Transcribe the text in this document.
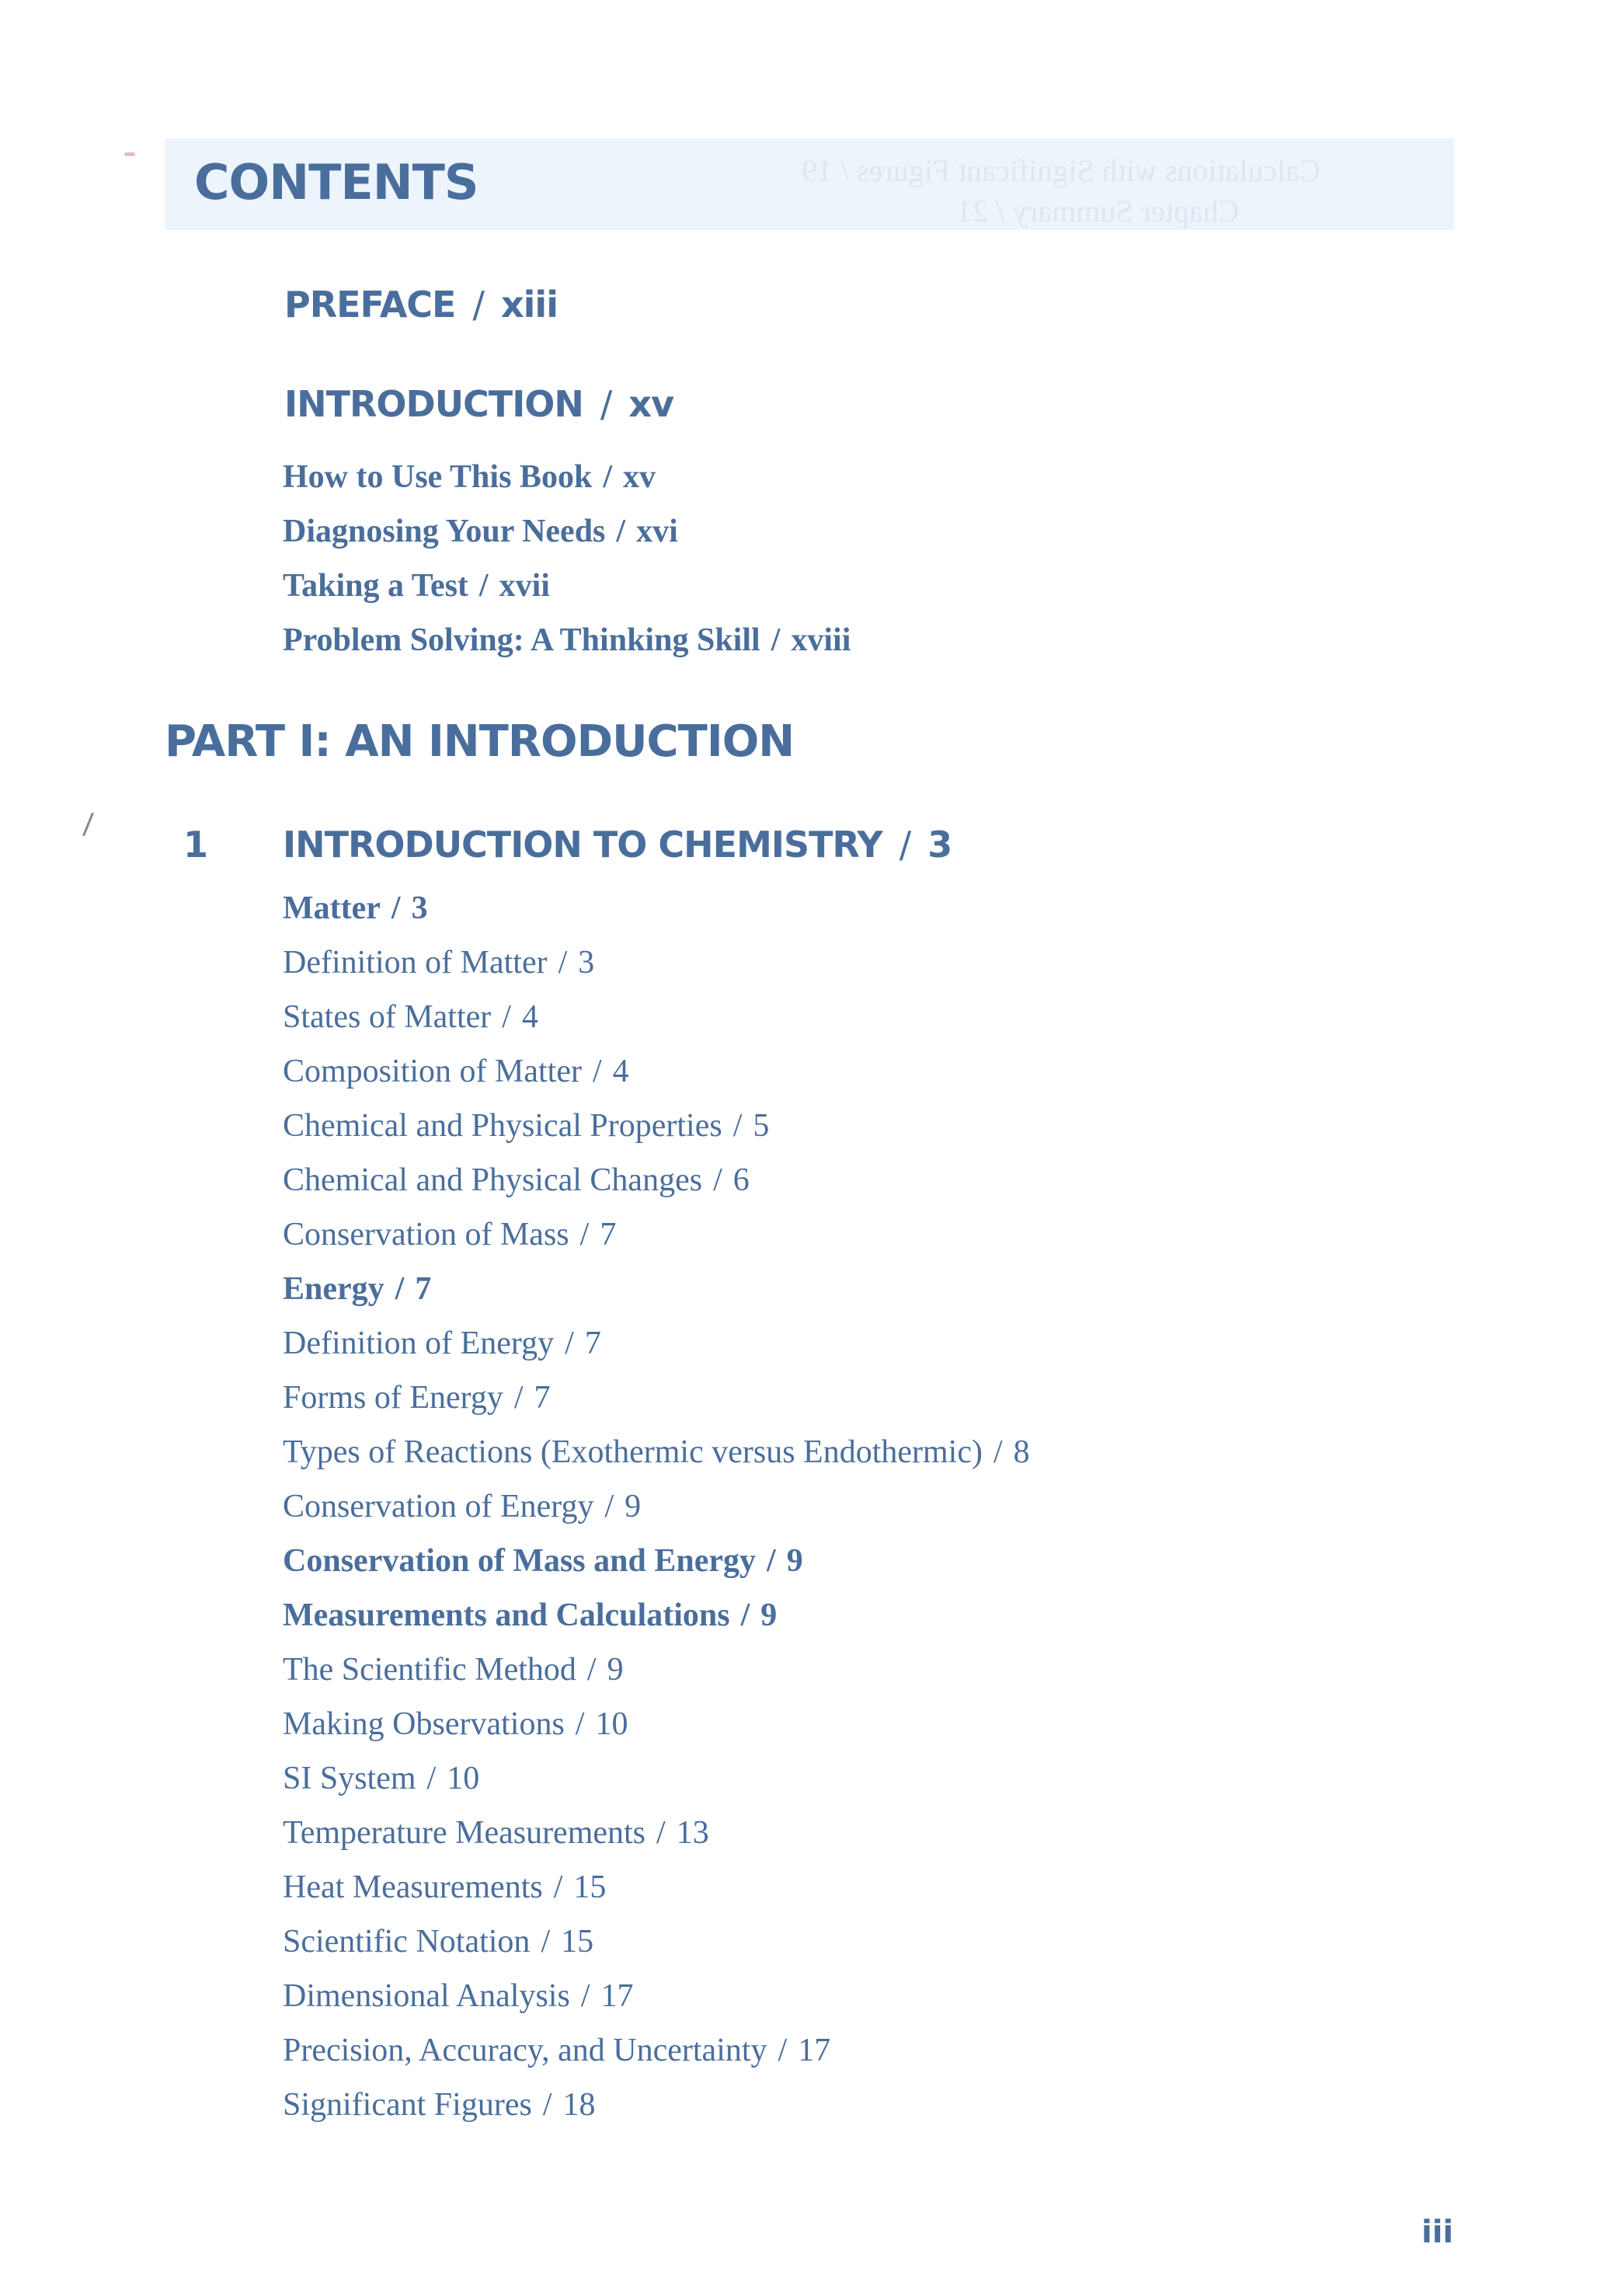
Calculations with Significant Figures / 19
Chapter Summary / 21
CONTENTS
PREFACE / xiii
INTRODUCTION / xv
How to Use This Book / xv
Diagnosing Your Needs / xvi
Taking a Test / xvii
Problem Solving: A Thinking Skill / xviii
PART I: AN INTRODUCTION
1 INTRODUCTION TO CHEMISTRY / 3
Matter / 3
Definition of Matter / 3
States of Matter / 4
Composition of Matter / 4
Chemical and Physical Properties / 5
Chemical and Physical Changes / 6
Conservation of Mass / 7
Energy / 7
Definition of Energy / 7
Forms of Energy / 7
Types of Reactions (Exothermic versus Endothermic) / 8
Conservation of Energy / 9
Conservation of Mass and Energy / 9
Measurements and Calculations / 9
The Scientific Method / 9
Making Observations / 10
SI System / 10
Temperature Measurements / 13
Heat Measurements / 15
Scientific Notation / 15
Dimensional Analysis / 17
Precision, Accuracy, and Uncertainty / 17
Significant Figures / 18
iii
